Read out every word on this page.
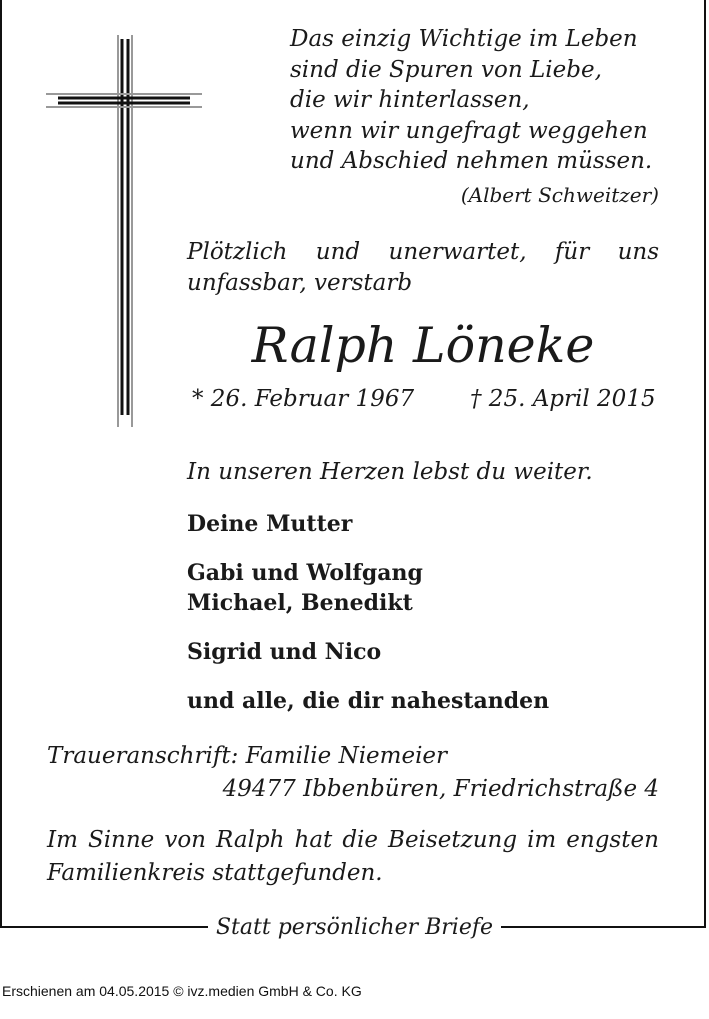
Das einzig Wichtige im Leben
sind die Spuren von Liebe,
die wir hinterlassen,
wenn wir ungefragt weggehen
und Abschied nehmen müssen.
(Albert Schweitzer)
Plötzlich und unerwartet, für uns
unfassbar, verstarb
Ralph Löneke
* 26. Februar 1967 † 25. April 2015
In unseren Herzen lebst du weiter.
Deine Mutter
Gabi und Wolfgang
Michael, Benedikt
Sigrid und Nico
und alle, die dir nahestanden
Traueranschrift: Familie Niemeier
49477 Ibbenbüren, Friedrichstraße 4
Im Sinne von Ralph hat die Beisetzung im engsten
Familienkreis stattgefunden.
Statt persönlicher Briefe
Erschienen am 04.05.2015 © ivz.medien GmbH & Co. KG
